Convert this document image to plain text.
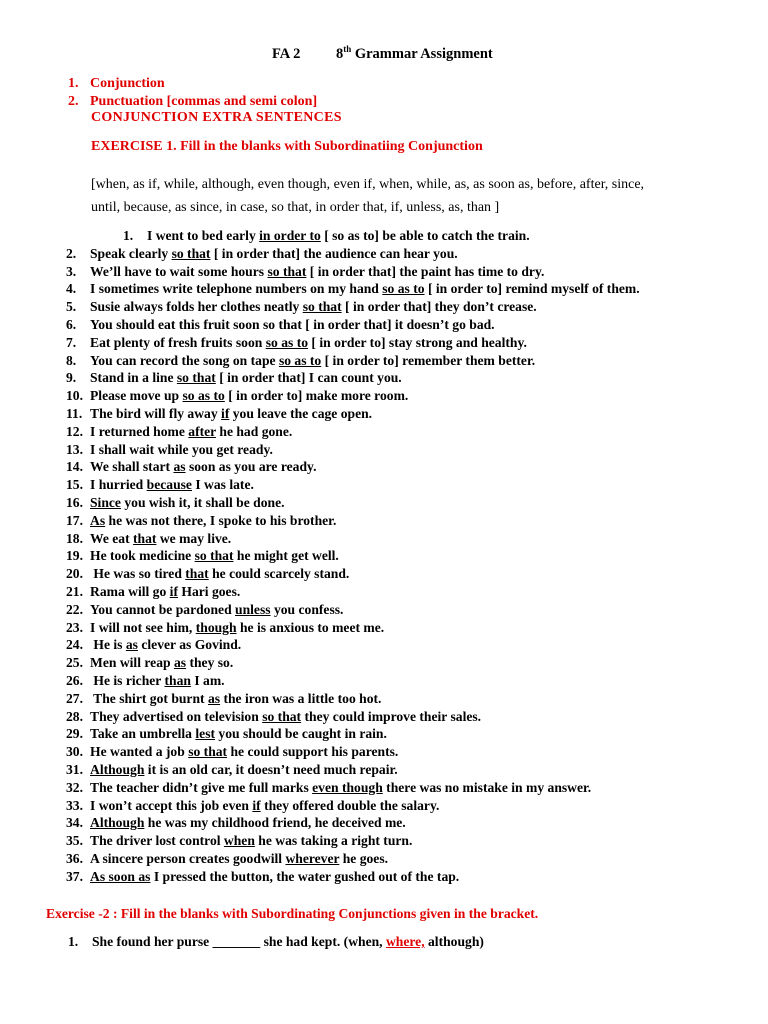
FA 2 8th Grammar Assignment
1. Conjunction
2. Punctuation [commas and semi colon]
CONJUNCTION EXTRA SENTENCES
EXERCISE 1. Fill in the blanks with Subordinatiing Conjunction
[when, as if, while, although, even though, even if, when, while, as, as soon as, before, after, since,
until, because, as since, in case, so that, in order that, if, unless, as, than ]
1. I went to bed early in order to [ so as to] be able to catch the train.
2. Speak clearly so that [ in order that] the audience can hear you.
3. We’ll have to wait some hours so that [ in order that] the paint has time to dry.
4. I sometimes write telephone numbers on my hand so as to [ in order to] remind myself of them.
5. Susie always folds her clothes neatly so that [ in order that] they don’t crease.
6. You should eat this fruit soon so that [ in order that] it doesn’t go bad.
7. Eat plenty of fresh fruits soon so as to [ in order to] stay strong and healthy.
8. You can record the song on tape so as to [ in order to] remember them better.
9. Stand in a line so that [ in order that] I can count you.
10. Please move up so as to [ in order to] make more room.
11. The bird will fly away if you leave the cage open.
12. I returned home after he had gone.
13. I shall wait while you get ready.
14. We shall start as soon as you are ready.
15. I hurried because I was late.
16. Since you wish it, it shall be done.
17. As he was not there, I spoke to his brother.
18. We eat that we may live.
19. He took medicine so that he might get well.
20. He was so tired that he could scarcely stand.
21. Rama will go if Hari goes.
22. You cannot be pardoned unless you confess.
23. I will not see him, though he is anxious to meet me.
24. He is as clever as Govind.
25. Men will reap as they so.
26. He is richer than I am.
27. The shirt got burnt as the iron was a little too hot.
28. They advertised on television so that they could improve their sales.
29. Take an umbrella lest you should be caught in rain.
30. He wanted a job so that he could support his parents.
31. Although it is an old car, it doesn’t need much repair.
32. The teacher didn’t give me full marks even though there was no mistake in my answer.
33. I won’t accept this job even if they offered double the salary.
34. Although he was my childhood friend, he deceived me.
35. The driver lost control when he was taking a right turn.
36. A sincere person creates goodwill wherever he goes.
37. As soon as I pressed the button, the water gushed out of the tap.
Exercise -2 : Fill in the blanks with Subordinating Conjunctions given in the bracket.
1. She found her purse _______ she had kept. (when, where, although)
